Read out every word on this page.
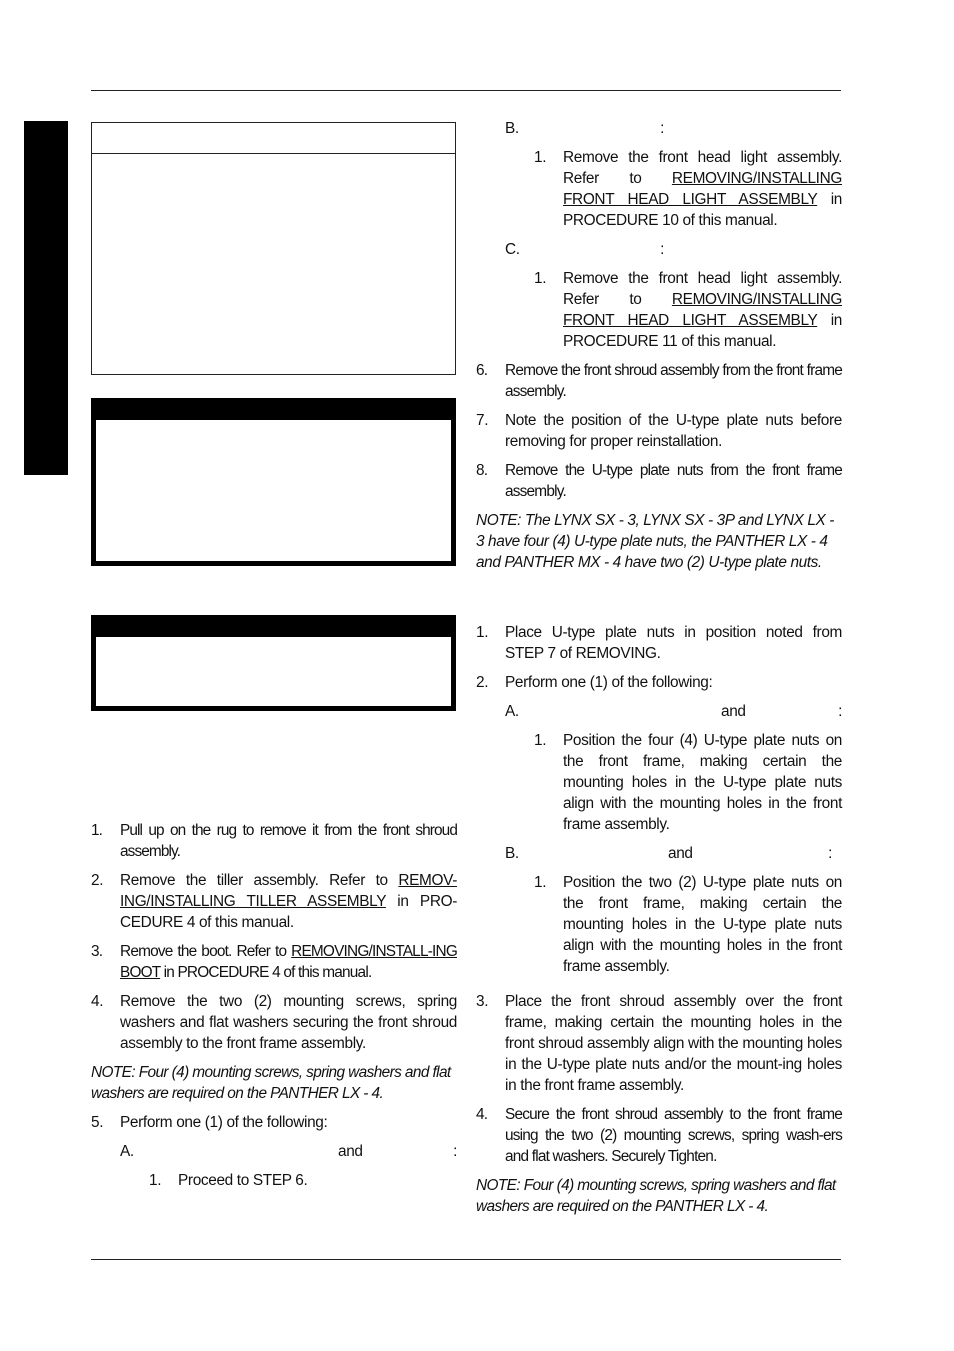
1. Pull up on the rug to remove it from the front shroud assembly.
2. Remove the tiller assembly. Refer to REMOV-ING/INSTALLING TILLER ASSEMBLY in PRO-CEDURE 4 of this manual.
3. Remove the boot. Refer to REMOVING/INSTALL-ING BOOT in PROCEDURE 4 of this manual.
4. Remove the two (2) mounting screws, spring washers and flat washers securing the front shroud assembly to the front frame assembly.
NOTE: Four (4) mounting screws, spring washers and flat washers are required on the PANTHER LX - 4.
5. Perform one (1) of the following:
A.	and	:
1. Proceed to STEP 6.
B.	:
1. Remove the front head light assembly. Refer to REMOVING/INSTALLING FRONT HEAD LIGHT ASSEMBLY in PROCEDURE 10 of this manual.
C.	:
1. Remove the front head light assembly. Refer to REMOVING/INSTALLING FRONT HEAD LIGHT ASSEMBLY in PROCEDURE 11 of this manual.
6. Remove the front shroud assembly from the front frame assembly.
7. Note the position of the U-type plate nuts before removing for proper reinstallation.
8. Remove the U-type plate nuts from the front frame assembly.
NOTE: The LYNX SX - 3, LYNX SX - 3P and LYNX LX - 3 have four (4) U-type plate nuts, the PANTHER LX - 4 and PANTHER MX - 4 have two (2) U-type plate nuts.
1. Place U-type plate nuts in position noted from STEP 7 of REMOVING.
2. Perform one (1) of the following:
A.	and	:
1. Position the four (4) U-type plate nuts on the front frame, making certain the mounting holes in the U-type plate nuts align with the mounting holes in the front frame assembly.
B.	and	:
1. Position the two (2) U-type plate nuts on the front frame, making certain the mounting holes in the U-type plate nuts align with the mounting holes in the front frame assembly.
3. Place the front shroud assembly over the front frame, making certain the mounting holes in the front shroud assembly align with the mounting holes in the U-type plate nuts and/or the mount-ing holes in the front frame assembly.
4. Secure the front shroud assembly to the front frame using the two (2) mounting screws, spring wash-ers and flat washers. Securely Tighten.
NOTE: Four (4) mounting screws, spring washers and flat washers are required on the PANTHER LX - 4.
